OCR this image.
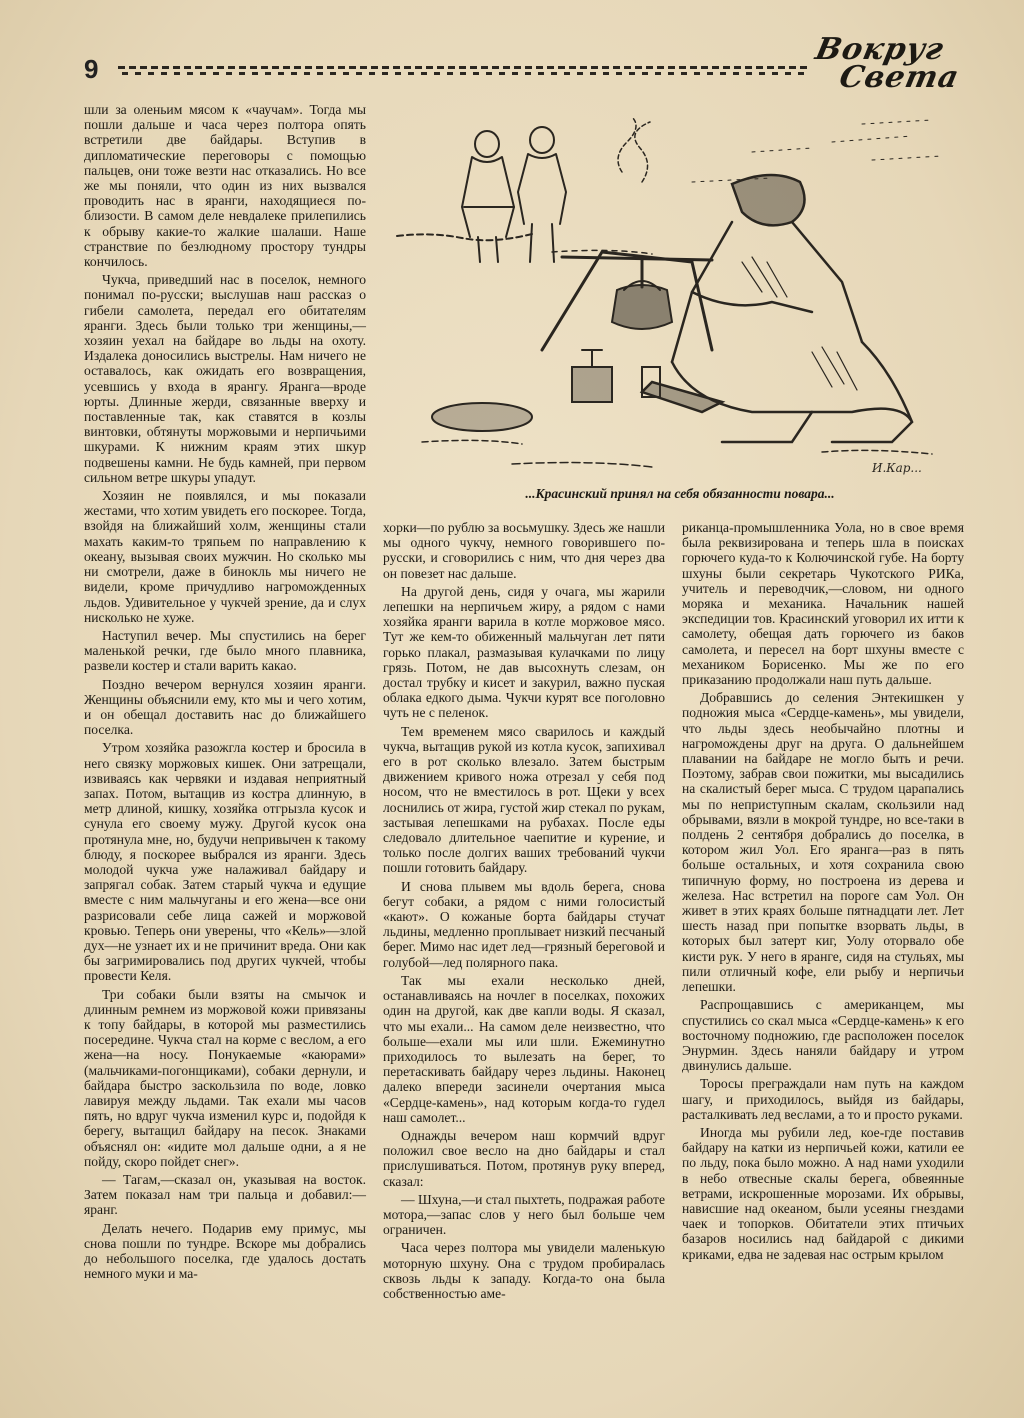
9
Вокруг
Света
И.Кар...
...Красинский принял на себя обязанности повара...

шли за оленьим мясом к «чаучам». Тогда мы пошли дальше и часа через полтора опять встретили две байдары. Вступив в дипломатические переговоры с помощью пальцев, они тоже везти нас отказались. Но все же мы поняли, что один из них вызвался проводить нас в яранги, находящиеся по-близости. В самом деле невдалеке прилепились к обрыву какие-то жалкие шалаши. Наше странствие по безлюдному простору тундры кончилось.

Чукча, приведший нас в поселок, немного понимал по-русски; выслушав наш рассказ о гибели самолета, передал его обитателям яранги. Здесь были только три женщины,—хозяин уехал на байдаре во льды на охоту. Издалека доносились выстрелы. Нам ничего не оставалось, как ожидать его возвращения, усевшись у входа в ярангу. Яранга—вроде юрты. Длинные жерди, связанные вверху и поставленные так, как ставятся в козлы винтовки, обтянуты моржовыми и нерпичьими шкурами. К нижним краям этих шкур подвешены камни. Не будь камней, при первом сильном ветре шкуры упадут.

Хозяин не появлялся, и мы показали жестами, что хотим увидеть его поскорее. Тогда, взойдя на ближайший холм, женщины стали махать каким-то тряпьем по направлению к океану, вызывая своих мужчин. Но сколько мы ни смотрели, даже в бинокль мы ничего не видели, кроме причудливо нагроможденных льдов. Удивительное у чукчей зрение, да и слух нисколько не хуже.

Наступил вечер. Мы спустились на берег маленькой речки, где было много плавника, развели костер и стали варить какао.

Поздно вечером вернулся хозяин яранги. Женщины объяснили ему, кто мы и чего хотим, и он обещал доставить нас до ближайшего поселка.

Утром хозяйка разожгла костер и бросила в него связку моржовых кишек. Они затрещали, извиваясь как червяки и издавая неприятный запах. Потом, вытащив из костра длинную, в метр длиной, кишку, хозяйка отгрызла кусок и сунула его своему мужу. Другой кусок она протянула мне, но, будучи непривычен к такому блюду, я поскорее выбрался из яранги. Здесь молодой чукча уже налаживал байдару и запрягал собак. Затем старый чукча и едущие вместе с ним мальчуганы и его жена—все они разрисовали себе лица сажей и моржовой кровью. Теперь они уверены, что «Кель»—злой дух—не узнает их и не причинит вреда. Они как бы загримировались под других чукчей, чтобы провести Келя.

Три собаки были взяты на смычок и длинным ремнем из моржовой кожи привязаны к топу байдары, в которой мы разместились посередине. Чукча стал на корме с веслом, а его жена—на носу. Понукаемые «каюрами» (мальчиками-погонщиками), собаки дернули, и байдара быстро заскользила по воде, ловко лавируя между льдами. Так ехали мы часов пять, но вдруг чукча изменил курс и, подойдя к берегу, вытащил байдару на песок. Знаками объяснял он: «идите мол дальше одни, а я не пойду, скоро пойдет снег».

— Тагам,—сказал он, указывая на восток. Затем показал нам три пальца и добавил:—яранг.

Делать нечего. Подарив ему примус, мы снова пошли по тундре. Вскоре мы добрались до небольшого поселка, где удалось достать немного муки и ма-

хорки—по рублю за восьмушку. Здесь же нашли мы одного чукчу, немного говорившего по-русски, и сговорились с ним, что дня через два он повезет нас дальше.

На другой день, сидя у очага, мы жарили лепешки на нерпичьем жиру, а рядом с нами хозяйка яранги варила в котле моржовое мясо. Тут же кем-то обиженный мальчуган лет пяти горько плакал, размазывая кулачками по лицу грязь. Потом, не дав высохнуть слезам, он достал трубку и кисет и закурил, важно пуская облака едкого дыма. Чукчи курят все поголовно чуть не с пеленок.

Тем временем мясо сварилось и каждый чукча, вытащив рукой из котла кусок, запихивал его в рот сколько влезало. Затем быстрым движением кривого ножа отрезал у себя под носом, что не вместилось в рот. Щеки у всех лоснились от жира, густой жир стекал по рукам, застывая лепешками на рубахах. После еды следовало длительное чаепитие и курение, и только после долгих ваших требований чукчи пошли готовить байдару.

И снова плывем мы вдоль берега, снова бегут собаки, а рядом с ними голосистый «кают». О кожаные борта байдары стучат льдины, медленно проплывает низкий песчаный берег. Мимо нас идет лед—грязный береговой и голубой—лед полярного пака.

Так мы ехали несколько дней, останавливаясь на ночлег в поселках, похожих один на другой, как две капли воды. Я сказал, что мы ехали... На самом деле неизвестно, что больше—ехали мы или шли. Ежеминутно приходилось то вылезать на берег, то перетаскивать байдару через льдины. Наконец далеко впереди засинели очертания мыса «Сердце-камень», над которым когда-то гудел наш самолет...

Однажды вечером наш кормчий вдруг положил свое весло на дно байдары и стал прислушиваться. Потом, протянув руку вперед, сказал:

— Шхуна,—и стал пыхтеть, подражая работе мотора,—запас слов у него был больше чем ограничен.

Часа через полтора мы увидели маленькую моторную шхуну. Она с трудом пробиралась сквозь льды к западу. Когда-то она была собственностью аме-

риканца-промышленника Уола, но в свое время была реквизирована и теперь шла в поисках горючего куда-то к Колючинской губе. На борту шхуны были секретарь Чукотского РИКа, учитель и переводчик,—словом, ни одного моряка и механика. Начальник нашей экспедиции тов. Красинский уговорил их итти к самолету, обещая дать горючего из баков самолета, и пересел на борт шхуны вместе с механиком Борисенко. Мы же по его приказанию продолжали наш путь дальше.

Добравшись до селения Энтекишкен у подножия мыса «Сердце-камень», мы увидели, что льды здесь необычайно плотны и нагромождены друг на друга. О дальнейшем плавании на байдаре не могло быть и речи. Поэтому, забрав свои пожитки, мы высадились на скалистый берег мыса. С трудом царапались мы по неприступным скалам, скользили над обрывами, вязли в мокрой тундре, но все-таки в полдень 2 сентября добрались до поселка, в котором жил Уол. Его яранга—раз в пять больше остальных, и хотя сохранила свою типичную форму, но построена из дерева и железа. Нас встретил на пороге сам Уол. Он живет в этих краях больше пятнадцати лет. Лет шесть назад при попытке взорвать льды, в которых был затерт киг, Уолу оторвало обе кисти рук. У него в яранге, сидя на стульях, мы пили отличный кофе, ели рыбу и нерпичьи лепешки.

Распрощавшись с американцем, мы спустились со скал мыса «Сердце-камень» к его восточному подножию, где расположен поселок Энурмин. Здесь наняли байдару и утром двинулись дальше.

Торосы преграждали нам путь на каждом шагу, и приходилось, выйдя из байдары, расталкивать лед веслами, а то и просто руками.

Иногда мы рубили лед, кое-где поставив байдару на катки из нерпичьей кожи, катили ее по льду, пока было можно. А над нами уходили в небо отвесные скалы берега, обвеянные ветрами, искрошенные морозами. Их обрывы, нависшие над океаном, были усеяны гнездами чаек и топорков. Обитатели этих птичьих базаров носились над байдарой с дикими криками, едва не задевая нас острым крылом
